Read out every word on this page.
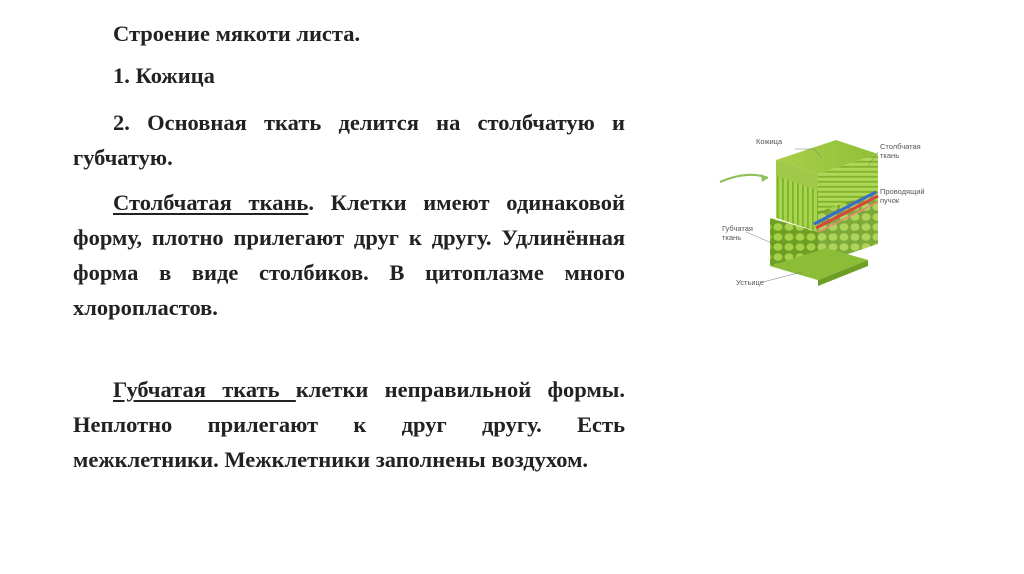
Строение мякоти листа.

1. Кожица

2. Основная ткать делится на столбчатую и губчатую.

Столбчатая ткань. Клетки имеют одинаковой форму, плотно прилегают друг к другу. Удлинённая форма в виде столбиков. В цитоплазме много хлоропластов.

Губчатая ткать клетки неправильной формы. Неплотно прилегают к друг другу. Есть межклетники. Межклетники заполнены воздухом.

Кожица
Столбчатая
ткань
Проводящий
пучок
Губчатая
ткань
Устьице
